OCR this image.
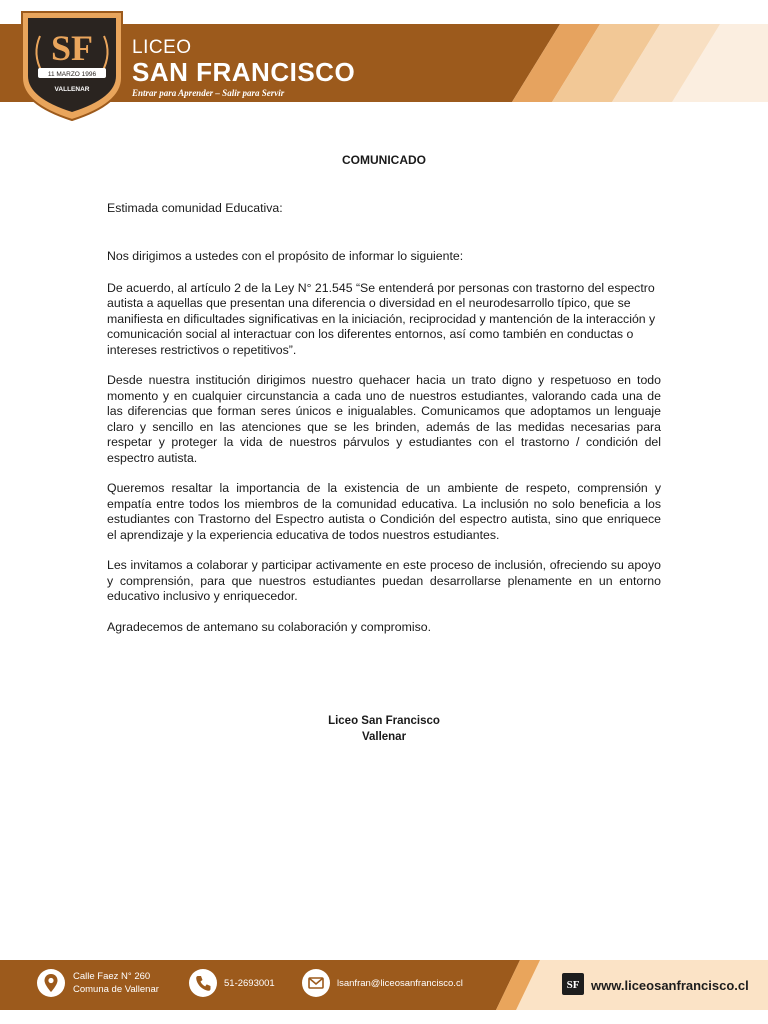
SF
11 MARZO 1996
VALLENAR
LICEO
SAN FRANCISCO
Entrar para Aprender – Salir para Servir
COMUNICADO

Estimada comunidad Educativa:

Nos dirigimos a ustedes con el propósito de informar lo siguiente:

De acuerdo, al artículo 2 de la Ley N° 21.545 “Se entenderá por personas con trastorno del espectro autista a aquellas que presentan una diferencia o diversidad en el neurodesarrollo típico, que se manifiesta en dificultades significativas en la iniciación, reciprocidad y mantención de la interacción y comunicación social al interactuar con los diferentes entornos, así como también en conductas o intereses restrictivos o repetitivos”.

Desde nuestra institución dirigimos nuestro quehacer hacia un trato digno y respetuoso en todo momento y en cualquier circunstancia a cada uno de nuestros estudiantes, valorando cada una de las diferencias que forman seres únicos e inigualables. Comunicamos que adoptamos un lenguaje claro y sencillo en las atenciones que se les brinden, además de las medidas necesarias para respetar y proteger la vida de nuestros párvulos y estudiantes con el trastorno / condición del espectro autista.

Queremos resaltar la importancia de la existencia de un ambiente de respeto, comprensión y empatía entre todos los miembros de la comunidad educativa. La inclusión no solo beneficia a los estudiantes con Trastorno del Espectro autista o Condición del espectro autista, sino que enriquece el aprendizaje y la experiencia educativa de todos nuestros estudiantes.

Les invitamos a colaborar y participar activamente en este proceso de inclusión, ofreciendo su apoyo y comprensión, para que nuestros estudiantes puedan desarrollarse plenamente en un entorno educativo inclusivo y enriquecedor.

Agradecemos de antemano su colaboración y compromiso.

Liceo San Francisco
Vallenar
Calle Faez N° 260
Comuna de Vallenar
51-2693001	lsanfran@liceosanfrancisco.cl	SF www.liceosanfrancisco.cl
